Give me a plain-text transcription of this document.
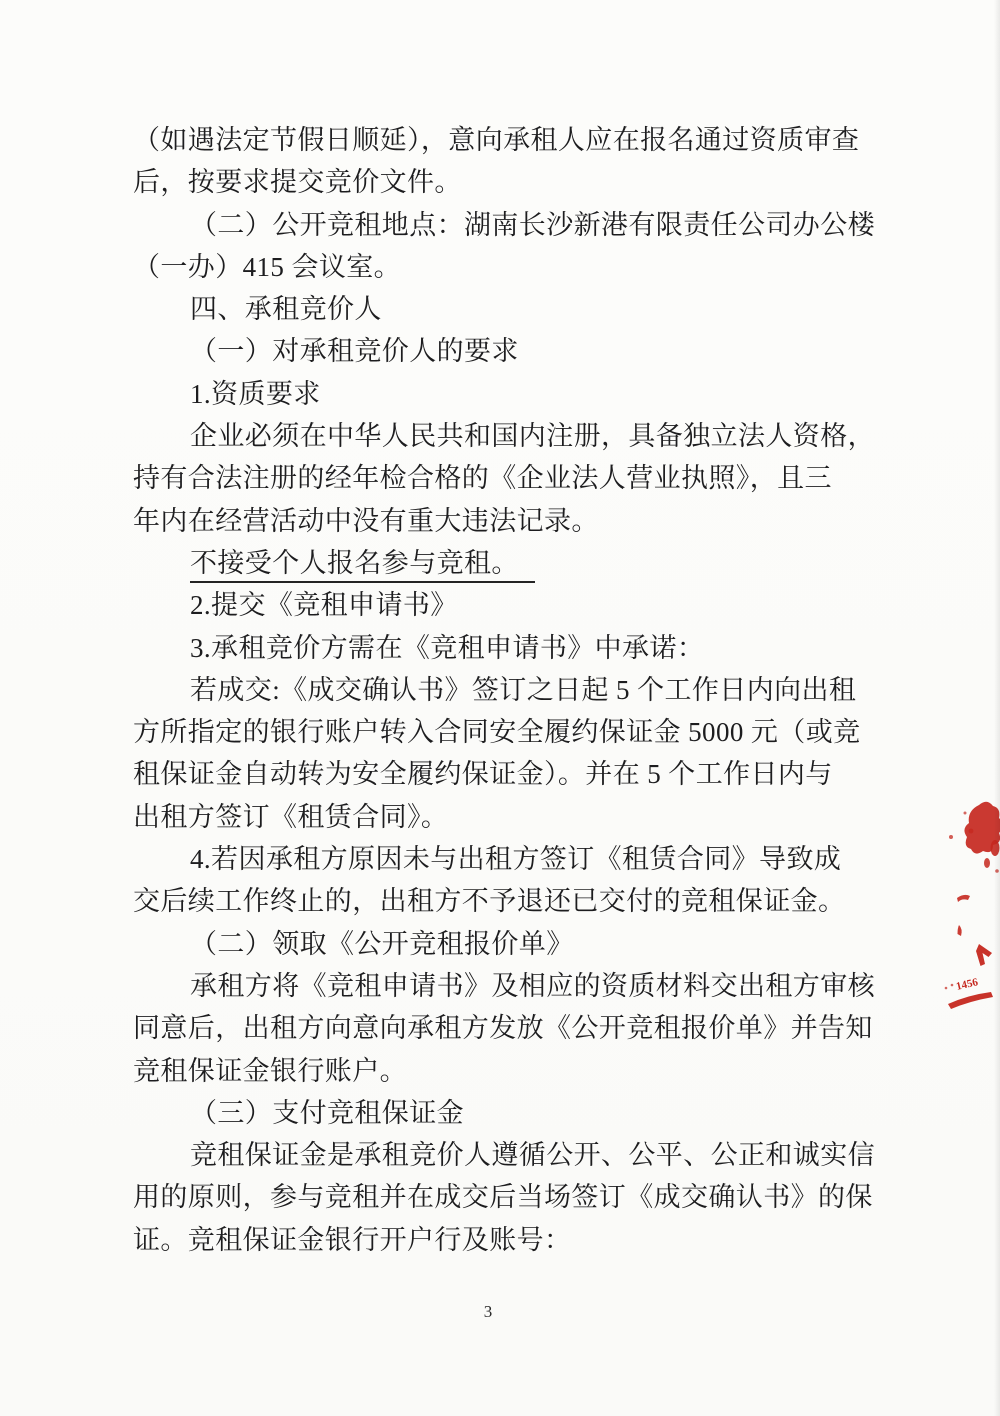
（如遇法定节假日顺延），意向承租人应在报名通过资质审查
后，按要求提交竞价文件。
（二）公开竞租地点：湖南长沙新港有限责任公司办公楼
（一办）415 会议室。
四、承租竞价人
（一）对承租竞价人的要求
1.资质要求
企业必须在中华人民共和国内注册，具备独立法人资格，
持有合法注册的经年检合格的《企业法人营业执照》，且三
年内在经营活动中没有重大违法记录。
不接受个人报名参与竞租。
2.提交《竞租申请书》
3.承租竞价方需在《竞租申请书》中承诺：
若成交:《成交确认书》签订之日起 5 个工作日内向出租
方所指定的银行账户转入合同安全履约保证金 5000 元（或竞
租保证金自动转为安全履约保证金）。并在 5 个工作日内与
出租方签订《租赁合同》。
4.若因承租方原因未与出租方签订《租赁合同》导致成
交后续工作终止的，出租方不予退还已交付的竞租保证金。
（二）领取《公开竞租报价单》
承租方将《竞租申请书》及相应的资质材料交出租方审核
同意后，出租方向意向承租方发放《公开竞租报价单》并告知
竞租保证金银行账户。
（三）支付竞租保证金
竞租保证金是承租竞价人遵循公开、公平、公正和诚实信
用的原则，参与竞租并在成交后当场签订《成交确认书》的保
证。竞租保证金银行开户行及账号：
3
1456
